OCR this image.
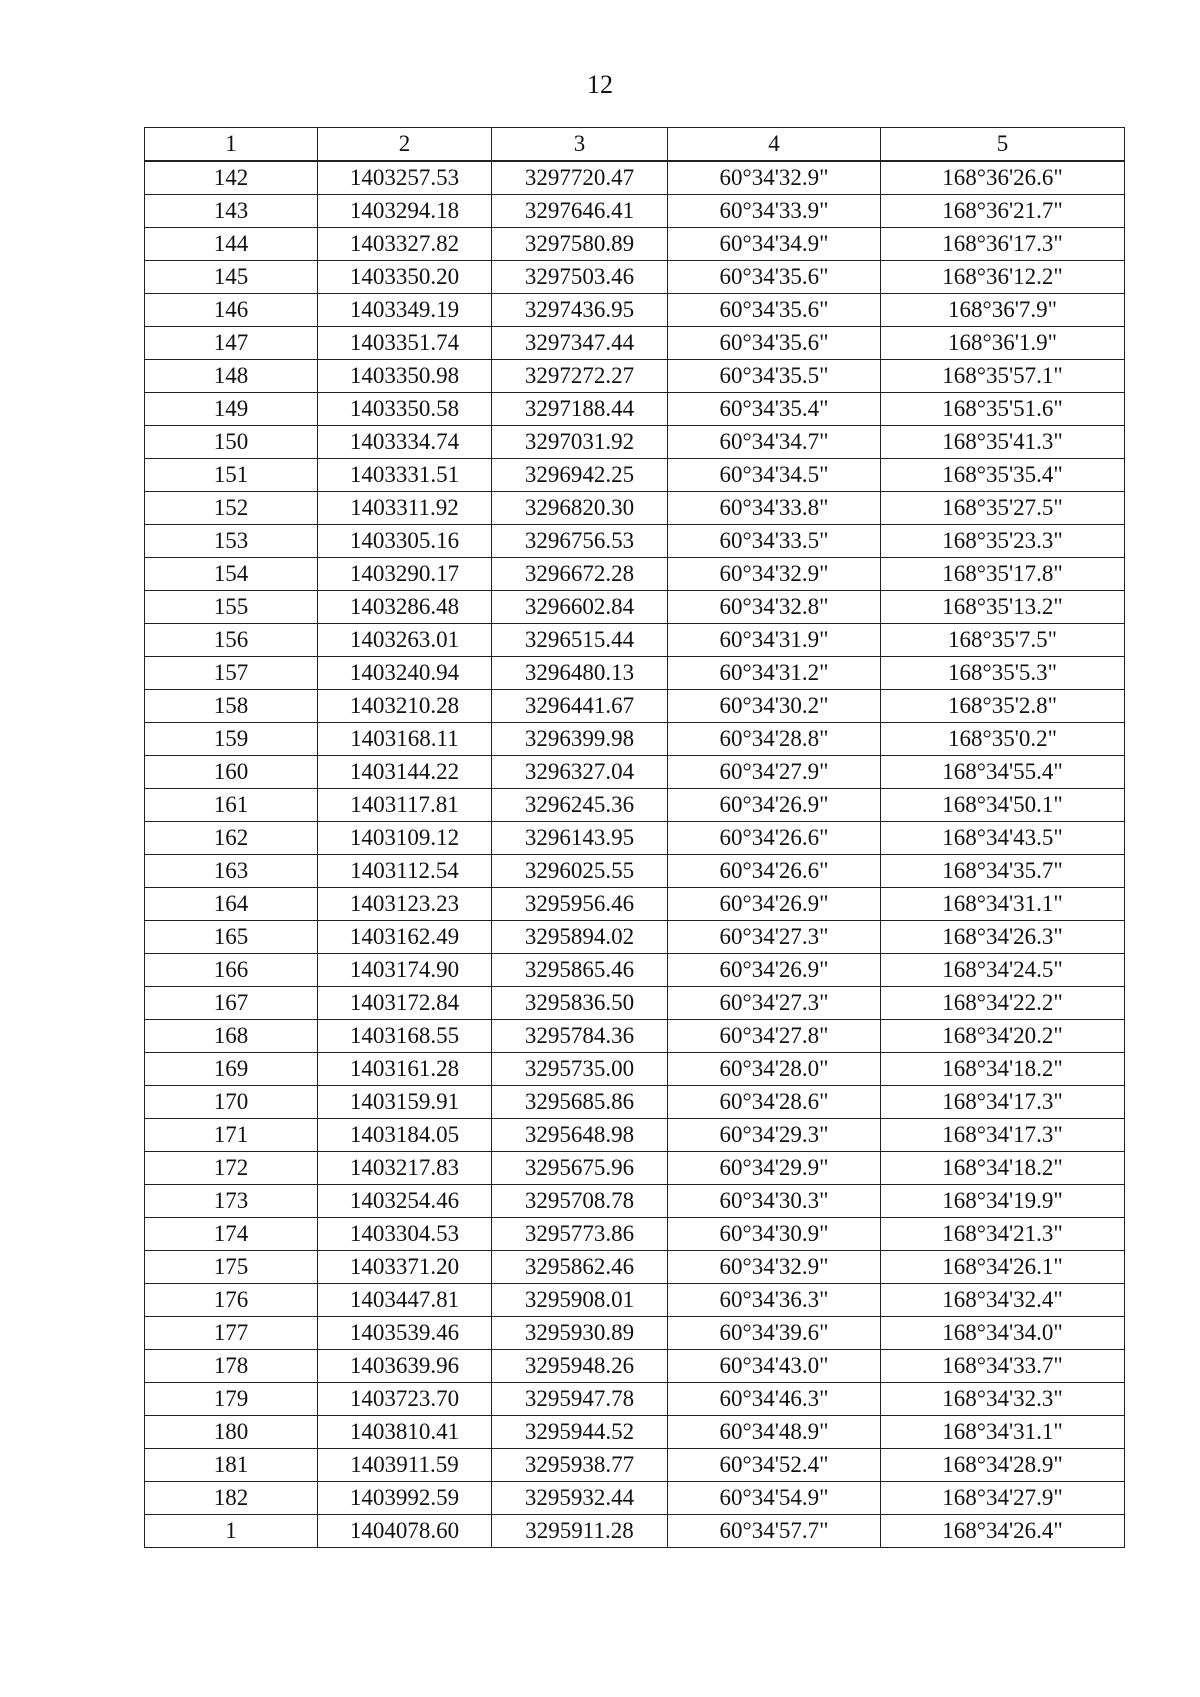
12
1	2	3	4	5
142	1403257.53	3297720.47	60°34'32.9"	168°36'26.6"
143	1403294.18	3297646.41	60°34'33.9"	168°36'21.7"
144	1403327.82	3297580.89	60°34'34.9"	168°36'17.3"
145	1403350.20	3297503.46	60°34'35.6"	168°36'12.2"
146	1403349.19	3297436.95	60°34'35.6"	168°36'7.9"
147	1403351.74	3297347.44	60°34'35.6"	168°36'1.9"
148	1403350.98	3297272.27	60°34'35.5"	168°35'57.1"
149	1403350.58	3297188.44	60°34'35.4"	168°35'51.6"
150	1403334.74	3297031.92	60°34'34.7"	168°35'41.3"
151	1403331.51	3296942.25	60°34'34.5"	168°35'35.4"
152	1403311.92	3296820.30	60°34'33.8"	168°35'27.5"
153	1403305.16	3296756.53	60°34'33.5"	168°35'23.3"
154	1403290.17	3296672.28	60°34'32.9"	168°35'17.8"
155	1403286.48	3296602.84	60°34'32.8"	168°35'13.2"
156	1403263.01	3296515.44	60°34'31.9"	168°35'7.5"
157	1403240.94	3296480.13	60°34'31.2"	168°35'5.3"
158	1403210.28	3296441.67	60°34'30.2"	168°35'2.8"
159	1403168.11	3296399.98	60°34'28.8"	168°35'0.2"
160	1403144.22	3296327.04	60°34'27.9"	168°34'55.4"
161	1403117.81	3296245.36	60°34'26.9"	168°34'50.1"
162	1403109.12	3296143.95	60°34'26.6"	168°34'43.5"
163	1403112.54	3296025.55	60°34'26.6"	168°34'35.7"
164	1403123.23	3295956.46	60°34'26.9"	168°34'31.1"
165	1403162.49	3295894.02	60°34'27.3"	168°34'26.3"
166	1403174.90	3295865.46	60°34'26.9"	168°34'24.5"
167	1403172.84	3295836.50	60°34'27.3"	168°34'22.2"
168	1403168.55	3295784.36	60°34'27.8"	168°34'20.2"
169	1403161.28	3295735.00	60°34'28.0"	168°34'18.2"
170	1403159.91	3295685.86	60°34'28.6"	168°34'17.3"
171	1403184.05	3295648.98	60°34'29.3"	168°34'17.3"
172	1403217.83	3295675.96	60°34'29.9"	168°34'18.2"
173	1403254.46	3295708.78	60°34'30.3"	168°34'19.9"
174	1403304.53	3295773.86	60°34'30.9"	168°34'21.3"
175	1403371.20	3295862.46	60°34'32.9"	168°34'26.1"
176	1403447.81	3295908.01	60°34'36.3"	168°34'32.4"
177	1403539.46	3295930.89	60°34'39.6"	168°34'34.0"
178	1403639.96	3295948.26	60°34'43.0"	168°34'33.7"
179	1403723.70	3295947.78	60°34'46.3"	168°34'32.3"
180	1403810.41	3295944.52	60°34'48.9"	168°34'31.1"
181	1403911.59	3295938.77	60°34'52.4"	168°34'28.9"
182	1403992.59	3295932.44	60°34'54.9"	168°34'27.9"
1	1404078.60	3295911.28	60°34'57.7"	168°34'26.4"
